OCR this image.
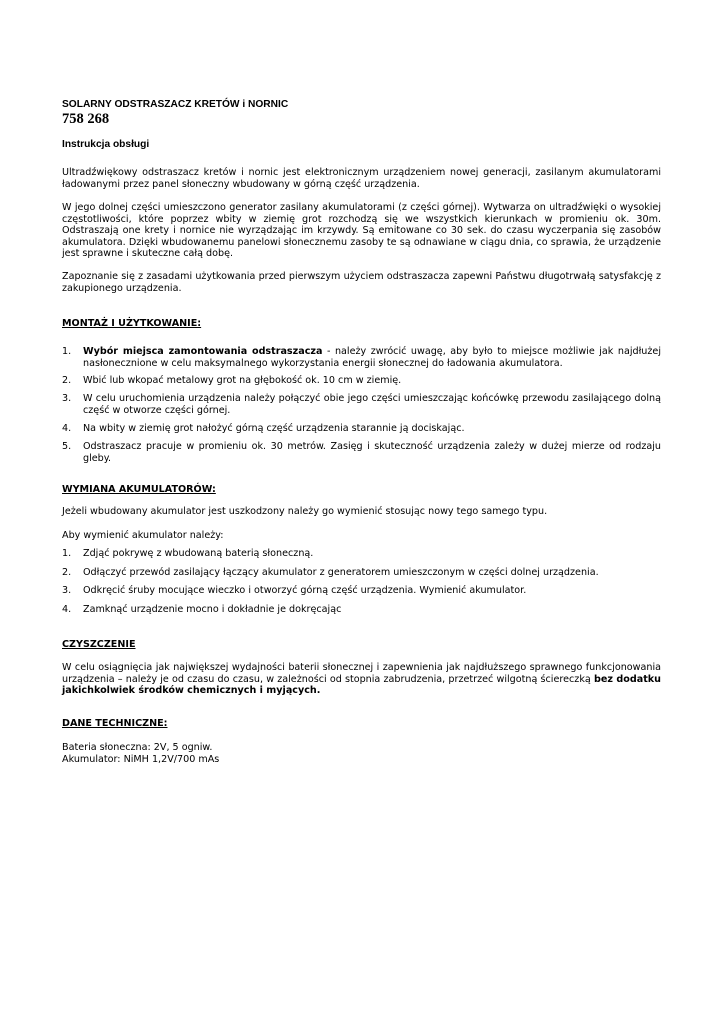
SOLARNY ODSTRASZACZ KRETÓW i NORNIC
758 268
Instrukcja obsługi

Ultradźwiękowy odstraszacz kretów i nornic jest elektronicznym urządzeniem nowej generacji, zasilanym akumulatorami ładowanymi przez panel słoneczny wbudowany w górną część urządzenia.

W jego dolnej części umieszczono generator zasilany akumulatorami (z części górnej). Wytwarza on ultradźwięki o wysokiej częstotliwości, które poprzez wbity w ziemię grot rozchodzą się we wszystkich kierunkach w promieniu ok. 30m. Odstraszają one krety i nornice nie wyrządzając im krzywdy. Są emitowane co 30 sek. do czasu wyczerpania się zasobów akumulatora. Dzięki wbudowanemu panelowi słonecznemu zasoby te są odnawiane w ciągu dnia, co sprawia, że urządzenie jest sprawne i skuteczne całą dobę.

Zapoznanie się z zasadami użytkowania przed pierwszym użyciem odstraszacza zapewni Państwu długotrwałą satysfakcję z zakupionego urządzenia.

MONTAŻ I UŻYTKOWANIE:
1.	Wybór miejsca zamontowania odstraszacza - należy zwrócić uwagę, aby było to miejsce możliwie jak najdłużej nasłonecznione w celu maksymalnego wykorzystania energii słonecznej do ładowania akumulatora.
2.	Wbić lub wkopać metalowy grot na głębokość ok. 10 cm w ziemię.
3.	W celu uruchomienia urządzenia należy połączyć obie jego części umieszczając końcówkę przewodu zasilającego dolną część w otworze części górnej.
4.	Na wbity w ziemię grot nałożyć górną część urządzenia starannie ją dociskając.
5.	Odstraszacz pracuje w promieniu ok. 30 metrów. Zasięg i skuteczność urządzenia zależy w dużej mierze od rodzaju gleby.
WYMIANA AKUMULATORÓW:
Jeżeli wbudowany akumulator jest uszkodzony należy go wymienić stosując nowy tego samego typu.
Aby wymienić akumulator należy:
1.	Zdjąć pokrywę z wbudowaną baterią słoneczną.
2.	Odłączyć przewód zasilający łączący akumulator z generatorem umieszczonym w części dolnej urządzenia.
3.	Odkręcić śruby mocujące wieczko i otworzyć górną część urządzenia. Wymienić akumulator.
4.	Zamknąć urządzenie mocno i dokładnie je dokręcając
CZYSZCZENIE

W celu osiągnięcia jak największej wydajności baterii słonecznej i zapewnienia jak najdłuższego sprawnego funkcjonowania urządzenia – należy je od czasu do czasu, w zależności od stopnia zabrudzenia, przetrzeć wilgotną ściereczką bez dodatku jakichkolwiek środków chemicznych i myjących.

DANE TECHNICZNE:
Bateria słoneczna: 2V, 5 ogniw.
Akumulator: NiMH 1,2V/700 mAs
